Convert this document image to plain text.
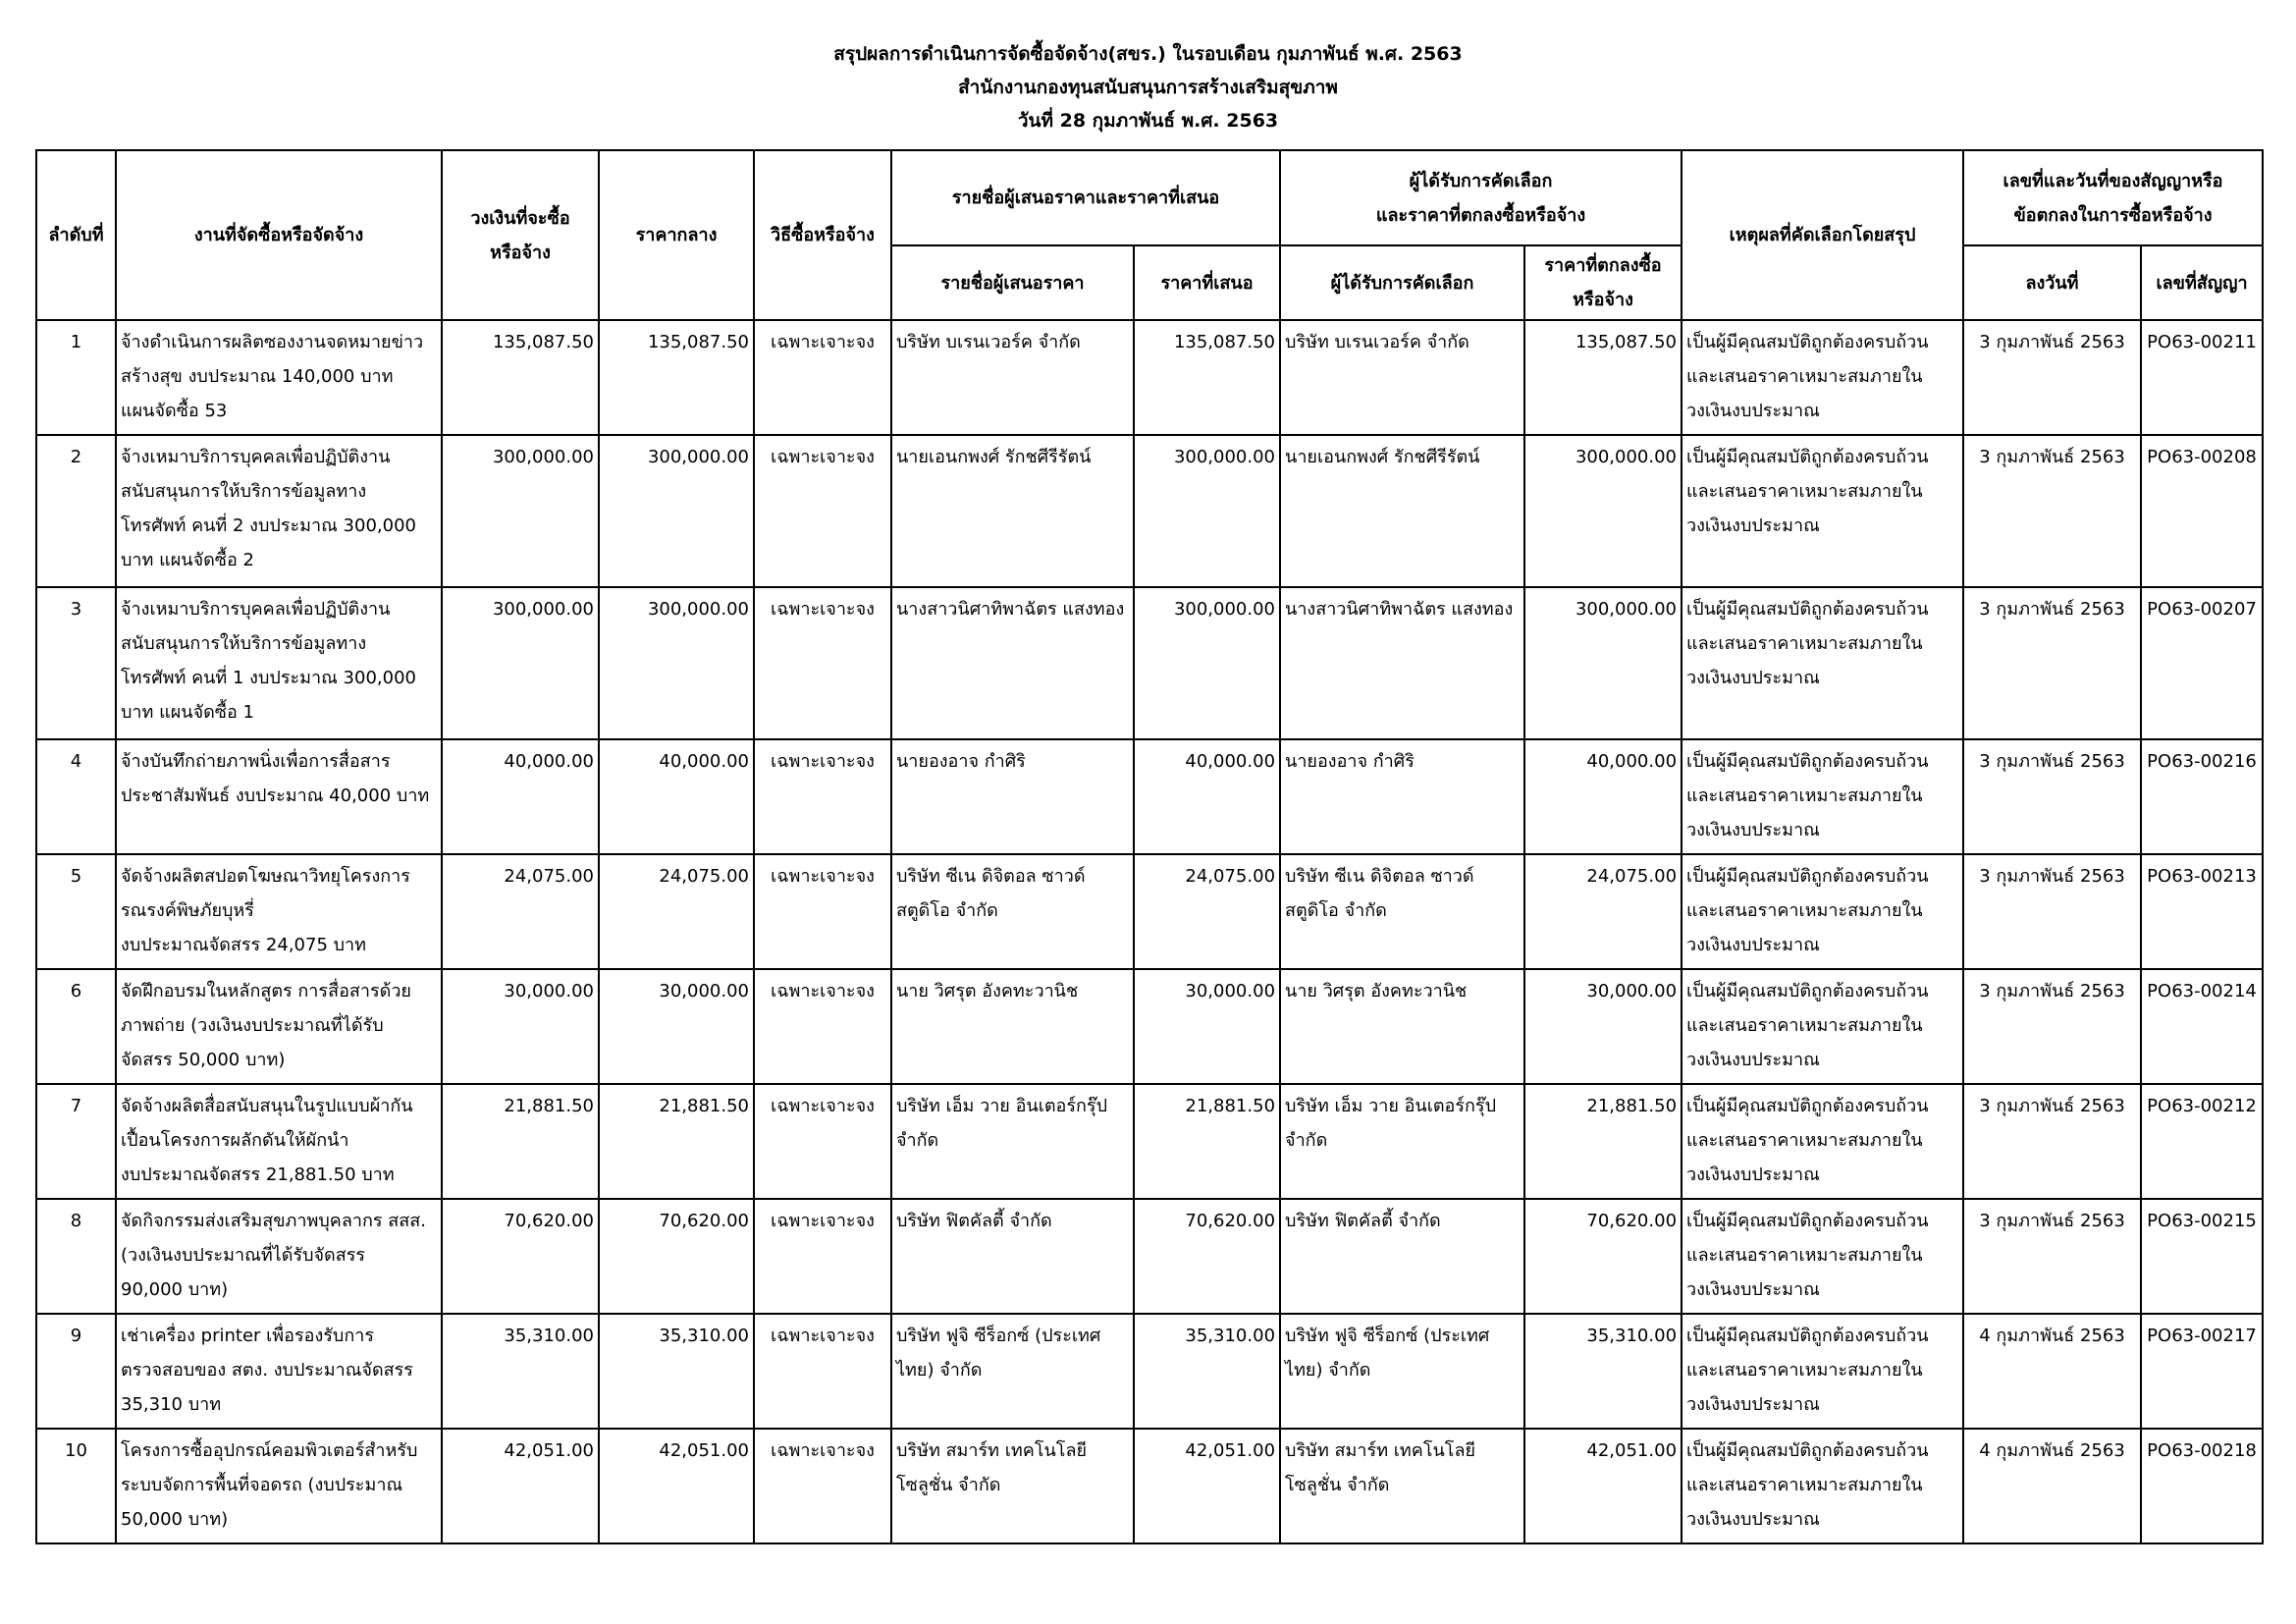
สรุปผลการดำเนินการจัดซื้อจัดจ้าง(สขร.) ในรอบเดือน กุมภาพันธ์ พ.ศ. 2563
สำนักงานกองทุนสนับสนุนการสร้างเสริมสุขภาพ
วันที่ 28 กุมภาพันธ์ พ.ศ. 2563
ลำดับที่	งานที่จัดซื้อหรือจัดจ้าง	วงเงินที่จะซื้อ
หรือจ้าง	ราคากลาง	วิธีซื้อหรือจ้าง	รายชื่อผู้เสนอราคาและราคาที่เสนอ		ผู้ได้รับการคัดเลือก
และราคาที่ตกลงซื้อหรือจ้าง		เหตุผลที่คัดเลือกโดยสรุป	เลขที่และวันที่ของสัญญาหรือ
ข้อตกลงในการซื้อหรือจ้าง	
					รายชื่อผู้เสนอราคา	ราคาที่เสนอ	ผู้ได้รับการคัดเลือก	ราคาที่ตกลงซื้อ
หรือจ้าง		ลงวันที่	เลขที่สัญญา
1	จ้างดำเนินการผลิตซองงานจดหมายข่าว
สร้างสุข งบประมาณ 140,000 บาท
แผนจัดซื้อ 53	135,087.50	135,087.50	เฉพาะเจาะจง	บริษัท บเรนเวอร์ค จำกัด	135,087.50	บริษัท บเรนเวอร์ค จำกัด	135,087.50	เป็นผู้มีคุณสมบัติถูกต้องครบถ้วน
และเสนอราคาเหมาะสมภายใน
วงเงินงบประมาณ	3 กุมภาพันธ์ 2563	PO63-00211
2	จ้างเหมาบริการบุคคลเพื่อปฏิบัติงาน
สนับสนุนการให้บริการข้อมูลทาง
โทรศัพท์ คนที่ 2 งบประมาณ 300,000
บาท แผนจัดซื้อ 2	300,000.00	300,000.00	เฉพาะเจาะจง	นายเอนกพงศ์ รักชศีรีรัตน์	300,000.00	นายเอนกพงศ์ รักชศีรีรัตน์	300,000.00	เป็นผู้มีคุณสมบัติถูกต้องครบถ้วน
และเสนอราคาเหมาะสมภายใน
วงเงินงบประมาณ	3 กุมภาพันธ์ 2563	PO63-00208
3	จ้างเหมาบริการบุคคลเพื่อปฏิบัติงาน
สนับสนุนการให้บริการข้อมูลทาง
โทรศัพท์ คนที่ 1 งบประมาณ 300,000
บาท แผนจัดซื้อ 1	300,000.00	300,000.00	เฉพาะเจาะจง	นางสาวนิศาทิพาฉัตร แสงทอง	300,000.00	นางสาวนิศาทิพาฉัตร แสงทอง	300,000.00	เป็นผู้มีคุณสมบัติถูกต้องครบถ้วน
และเสนอราคาเหมาะสมภายใน
วงเงินงบประมาณ	3 กุมภาพันธ์ 2563	PO63-00207
4	จ้างบันทึกถ่ายภาพนิ่งเพื่อการสื่อสาร
ประชาสัมพันธ์ งบประมาณ 40,000 บาท	40,000.00	40,000.00	เฉพาะเจาะจง	นายองอาจ กำศิริ	40,000.00	นายองอาจ กำศิริ	40,000.00	เป็นผู้มีคุณสมบัติถูกต้องครบถ้วน
และเสนอราคาเหมาะสมภายใน
วงเงินงบประมาณ	3 กุมภาพันธ์ 2563	PO63-00216
5	จัดจ้างผลิตสปอตโฆษณาวิทยุโครงการ
รณรงค์พิษภัยบุหรี่
งบประมาณจัดสรร 24,075 บาท	24,075.00	24,075.00	เฉพาะเจาะจง	บริษัท ซีเน ดิจิตอล ซาวด์
สตูดิโอ จำกัด	24,075.00	บริษัท ซีเน ดิจิตอล ซาวด์
สตูดิโอ จำกัด	24,075.00	เป็นผู้มีคุณสมบัติถูกต้องครบถ้วน
และเสนอราคาเหมาะสมภายใน
วงเงินงบประมาณ	3 กุมภาพันธ์ 2563	PO63-00213
6	จัดฝึกอบรมในหลักสูตร การสื่อสารด้วย
ภาพถ่าย (วงเงินงบประมาณที่ได้รับ
จัดสรร 50,000 บาท)	30,000.00	30,000.00	เฉพาะเจาะจง	นาย วิศรุต อังคทะวานิช	30,000.00	นาย วิศรุต อังคทะวานิช	30,000.00	เป็นผู้มีคุณสมบัติถูกต้องครบถ้วน
และเสนอราคาเหมาะสมภายใน
วงเงินงบประมาณ	3 กุมภาพันธ์ 2563	PO63-00214
7	จัดจ้างผลิตสื่อสนับสนุนในรูปแบบผ้ากัน
เปื้อนโครงการผลักดันให้ผักนำ
งบประมาณจัดสรร 21,881.50 บาท	21,881.50	21,881.50	เฉพาะเจาะจง	บริษัท เอ็ม วาย อินเตอร์กรุ๊ป
จำกัด	21,881.50	บริษัท เอ็ม วาย อินเตอร์กรุ๊ป
จำกัด	21,881.50	เป็นผู้มีคุณสมบัติถูกต้องครบถ้วน
และเสนอราคาเหมาะสมภายใน
วงเงินงบประมาณ	3 กุมภาพันธ์ 2563	PO63-00212
8	จัดกิจกรรมส่งเสริมสุขภาพบุคลากร สสส.
(วงเงินงบประมาณที่ได้รับจัดสรร
90,000 บาท)	70,620.00	70,620.00	เฉพาะเจาะจง	บริษัท ฟิตคัลตี้ จำกัด	70,620.00	บริษัท ฟิตคัลตี้ จำกัด	70,620.00	เป็นผู้มีคุณสมบัติถูกต้องครบถ้วน
และเสนอราคาเหมาะสมภายใน
วงเงินงบประมาณ	3 กุมภาพันธ์ 2563	PO63-00215
9	เช่าเครื่อง printer เพื่อรองรับการ
ตรวจสอบของ สตง. งบประมาณจัดสรร
35,310 บาท	35,310.00	35,310.00	เฉพาะเจาะจง	บริษัท ฟูจิ ซีร็อกซ์ (ประเทศ
ไทย) จำกัด	35,310.00	บริษัท ฟูจิ ซีร็อกซ์ (ประเทศ
ไทย) จำกัด	35,310.00	เป็นผู้มีคุณสมบัติถูกต้องครบถ้วน
และเสนอราคาเหมาะสมภายใน
วงเงินงบประมาณ	4 กุมภาพันธ์ 2563	PO63-00217
10	โครงการซื้ออุปกรณ์คอมพิวเตอร์สำหรับ
ระบบจัดการพื้นที่จอดรถ (งบประมาณ
50,000 บาท)	42,051.00	42,051.00	เฉพาะเจาะจง	บริษัท สมาร์ท เทคโนโลยี
โซลูชั่น จำกัด	42,051.00	บริษัท สมาร์ท เทคโนโลยี
โซลูชั่น จำกัด	42,051.00	เป็นผู้มีคุณสมบัติถูกต้องครบถ้วน
และเสนอราคาเหมาะสมภายใน
วงเงินงบประมาณ	4 กุมภาพันธ์ 2563	PO63-00218
